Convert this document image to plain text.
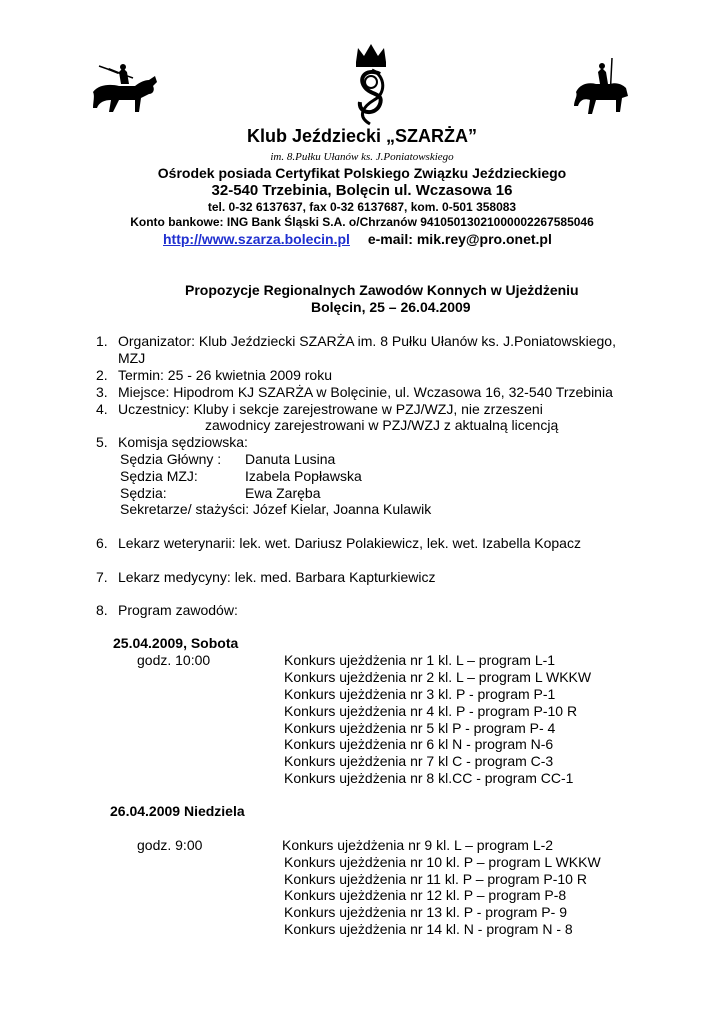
Klub Jeździecki „SZARŻA”
im. 8.Pułku Ułanów ks. J.Poniatowskiego
Ośrodek posiada Certyfikat Polskiego Związku Jeździeckiego
32-540 Trzebinia, Bolęcin ul. Wczasowa 16
tel. 0-32 6137637, fax 0-32 6137687, kom. 0-501 358083
Konto bankowe: ING Bank Śląski S.A. o/Chrzanów 94105013021000002267585046
http://www.szarza.bolecin.pl e-mail: mik.rey@pro.onet.pl
Propozycje Regionalnych Zawodów Konnych w Ujeżdżeniu
Bolęcin, 25 – 26.04.2009
1. Organizator: Klub Jeździecki SZARŻA im. 8 Pułku Ułanów ks. J.Poniatowskiego,
MZJ
2. Termin: 25 - 26 kwietnia 2009 roku
3. Miejsce: Hipodrom KJ SZARŻA w Bolęcinie, ul. Wczasowa 16, 32-540 Trzebinia
4. Uczestnicy: Kluby i sekcje zarejestrowane w PZJ/WZJ, nie zrzeszeni
zawodnicy zarejestrowani w PZJ/WZJ z aktualną licencją
5. Komisja sędziowska:
Sędzia Główny : Danuta Lusina
Sędzia MZJ:	Izabela Popławska
Sędzia:	Ewa Zaręba
Sekretarze/ stażyści: Józef Kielar, Joanna Kulawik
6. Lekarz weterynarii: lek. wet. Dariusz Polakiewicz, lek. wet. Izabella Kopacz
7. Lekarz medycyny: lek. med. Barbara Kapturkiewicz
8. Program zawodów:
25.04.2009, Sobota
godz. 10:00	Konkurs ujeżdżenia nr 1 kl. L – program L-1
Konkurs ujeżdżenia nr 2 kl. L – program L WKKW
Konkurs ujeżdżenia nr 3 kl. P - program P-1
Konkurs ujeżdżenia nr 4 kl. P - program P-10 R
Konkurs ujeżdżenia nr 5 kl P - program P- 4
Konkurs ujeżdżenia nr 6 kl N - program N-6
Konkurs ujeżdżenia nr 7 kl C - program C-3
Konkurs ujeżdżenia nr 8 kl.CC - program CC-1
26.04.2009 Niedziela
godz. 9:00	Konkurs ujeżdżenia nr 9 kl. L – program L-2
Konkurs ujeżdżenia nr 10 kl. P – program L WKKW
Konkurs ujeżdżenia nr 11 kl. P – program P-10 R
Konkurs ujeżdżenia nr 12 kl. P – program P-8
Konkurs ujeżdżenia nr 13 kl. P - program P- 9
Konkurs ujeżdżenia nr 14 kl. N - program N - 8
